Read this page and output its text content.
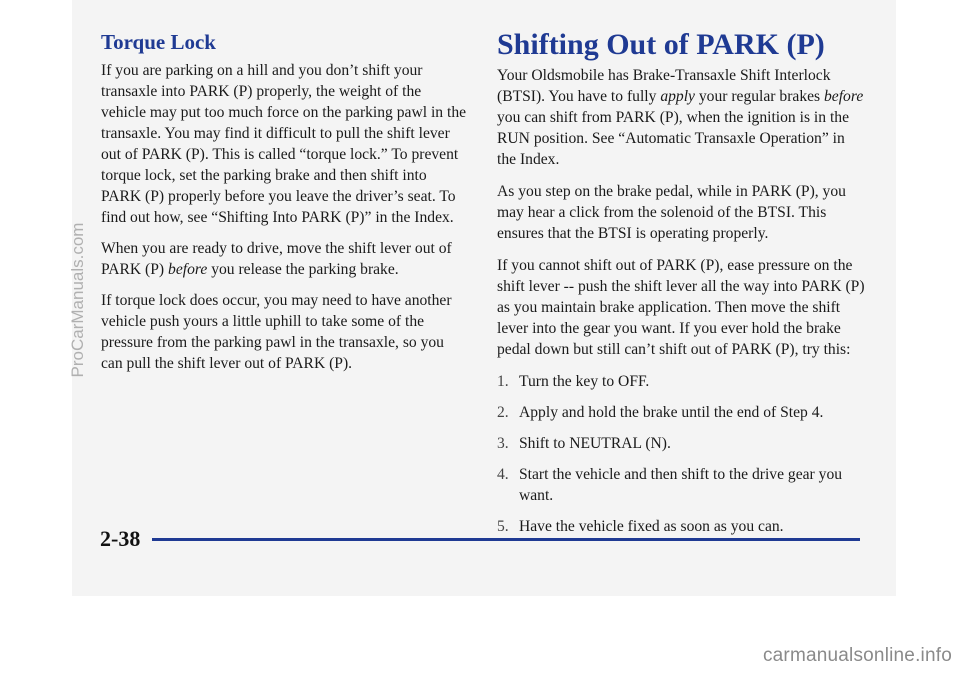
Torque Lock

If you are parking on a hill and you don’t shift your transaxle into PARK (P) properly, the weight of the vehicle may put too much force on the parking pawl in the transaxle. You may find it difficult to pull the shift lever out of PARK (P). This is called “torque lock.” To prevent torque lock, set the parking brake and then shift into PARK (P) properly before you leave the driver’s seat. To find out how, see “Shifting Into PARK (P)” in the Index.

When you are ready to drive, move the shift lever out of PARK (P) before you release the parking brake.

If torque lock does occur, you may need to have another vehicle push yours a little uphill to take some of the pressure from the parking pawl in the transaxle, so you can pull the shift lever out of PARK (P).

Shifting Out of PARK (P)

Your Oldsmobile has Brake-Transaxle Shift Interlock (BTSI). You have to fully apply your regular brakes before you can shift from PARK (P), when the ignition is in the RUN position. See “Automatic Transaxle Operation” in the Index.

As you step on the brake pedal, while in PARK (P), you may hear a click from the solenoid of the BTSI. This ensures that the BTSI is operating properly.

If you cannot shift out of PARK (P), ease pressure on the shift lever -- push the shift lever all the way into PARK (P) as you maintain brake application. Then move the shift lever into the gear you want. If you ever hold the brake pedal down but still can’t shift out of PARK (P), try this:

1. Turn the key to OFF.
2. Apply and hold the brake until the end of Step 4.
3. Shift to NEUTRAL (N).
4. Start the vehicle and then shift to the drive gear you want.
5. Have the vehicle fixed as soon as you can.
2-38
ProCarManuals.com
carmanualsonline.info
